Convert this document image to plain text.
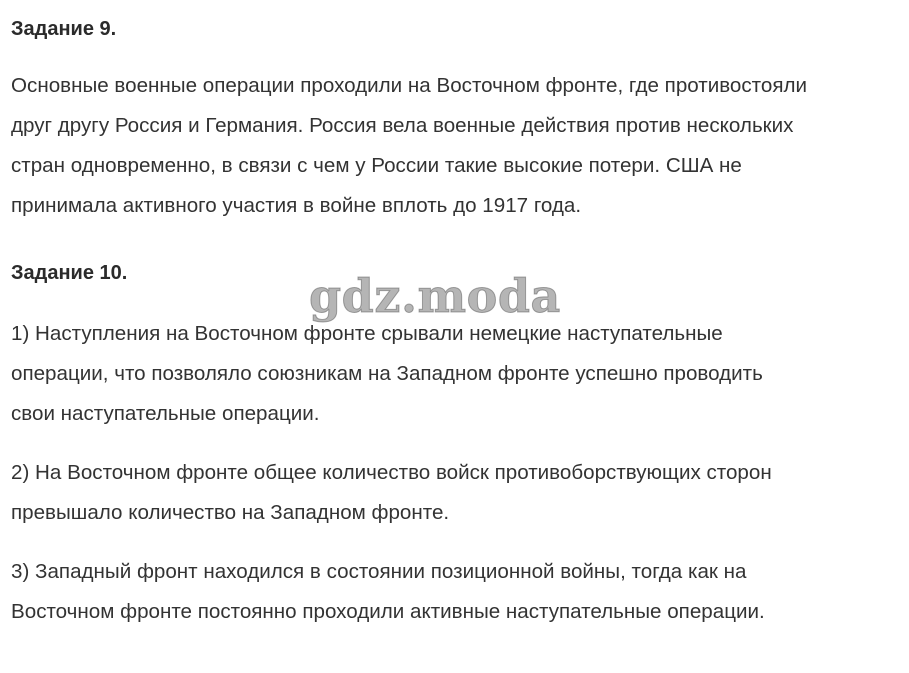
Задание 9.

Основные военные операции проходили на Восточном фронте, где противостояли
друг другу Россия и Германия. Россия вела военные действия против нескольких
стран одновременно, в связи с чем у России такие высокие потери. США не
принимала активного участия в войне вплоть до 1917 года.

Задание 10.

1) Наступления на Восточном фронте срывали немецкие наступательные
операции, что позволяло союзникам на Западном фронте успешно проводить
свои наступательные операции.

2) На Восточном фронте общее количество войск противоборствующих сторон
превышало количество на Западном фронте.

3) Западный фронт находился в состоянии позиционной войны, тогда как на
Восточном фронте постоянно проходили активные наступательные операции.

gdz.moda
